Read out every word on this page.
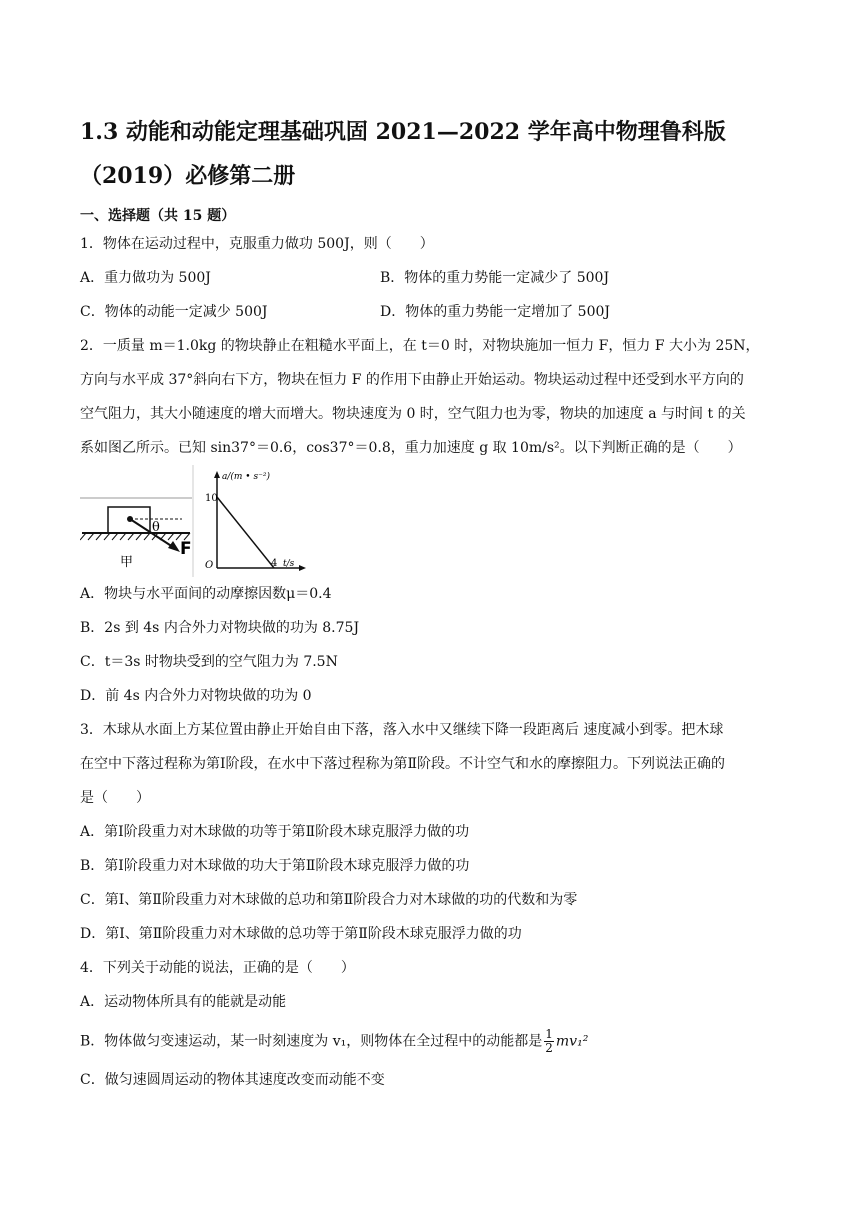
1.3 动能和动能定理基础巩固 2021—2022 学年高中物理鲁科版（2019）必修第二册
一、选择题（共 15 题）
1．物体在运动过程中，克服重力做功 500J，则（　　）
A．重力做功为 500J	B．物体的重力势能一定减少了 500J
C．物体的动能一定减少 500J	D．物体的重力势能一定增加了 500J
2．一质量 m＝1.0kg 的物块静止在粗糙水平面上，在 t＝0 时，对物块施加一恒力 F，恒力 F 大小为 25N，
方向与水平成 37°斜向右下方，物块在恒力 F 的作用下由静止开始运动。物块运动过程中还受到水平方向的
空气阻力，其大小随速度的增大而增大。物块速度为 0 时，空气阻力也为零，物块的加速度 a 与时间 t 的关
系如图乙所示。已知 sin37°＝0.6，cos37°＝0.8，重力加速度 g 取 10m/s²。以下判断正确的是（　　）
θ
F
甲
a/(m • s⁻²)
10
4 t/s
O
A．物块与水平面间的动摩擦因数μ＝0.4
B．2s 到 4s 内合外力对物块做的功为 8.75J
C．t＝3s 时物块受到的空气阻力为 7.5N
D．前 4s 内合外力对物块做的功为 0
3．木球从水面上方某位置由静止开始自由下落，落入水中又继续下降一段距离后 速度减小到零。把木球
在空中下落过程称为第Ⅰ阶段，在水中下落过程称为第Ⅱ阶段。不计空气和水的摩擦阻力。下列说法正确的
是（　　）
A．第Ⅰ阶段重力对木球做的功等于第Ⅱ阶段木球克服浮力做的功
B．第Ⅰ阶段重力对木球做的功大于第Ⅱ阶段木球克服浮力做的功
C．第Ⅰ、第Ⅱ阶段重力对木球做的总功和第Ⅱ阶段合力对木球做的功的代数和为零
D．第Ⅰ、第Ⅱ阶段重力对木球做的总功等于第Ⅱ阶段木球克服浮力做的功
4．下列关于动能的说法，正确的是（　　）
A．运动物体所具有的能就是动能
B．物体做匀变速运动，某一时刻速度为 v₁，则物体在全过程中的动能都是 $\frac{1}{2} mv_1^2$
C．做匀速圆周运动的物体其速度改变而动能不变
